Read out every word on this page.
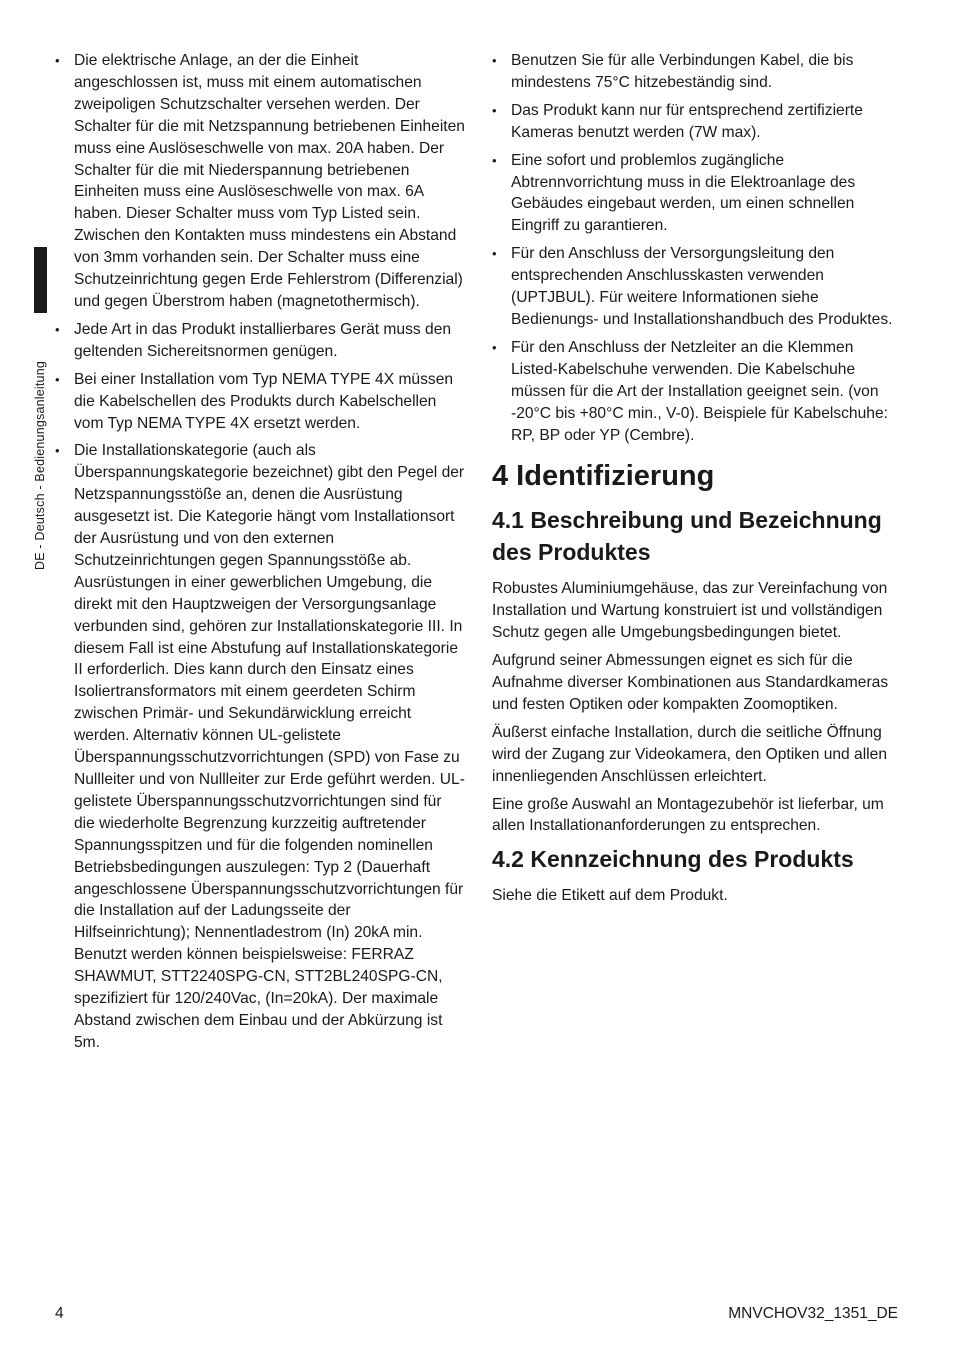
DE - Deutsch - Bedienungsanleitung
• Die elektrische Anlage, an der die Einheit angeschlossen ist, muss mit einem automatischen zweipoligen Schutzschalter versehen werden. Der Schalter für die mit Netzspannung betriebenen Einheiten muss eine Auslöseschwelle von max. 20A haben. Der Schalter für die mit Niederspannung betriebenen Einheiten muss eine Auslöseschwelle von max. 6A haben. Dieser Schalter muss vom Typ Listed sein. Zwischen den Kontakten muss mindestens ein Abstand von 3mm vorhanden sein. Der Schalter muss eine Schutzeinrichtung gegen Erde Fehlerstrom (Differenzial) und gegen Überstrom haben (magnetothermisch).
• Jede Art in das Produkt installierbares Gerät muss den geltenden Sichereitsnormen genügen.
• Bei einer Installation vom Typ NEMA TYPE 4X müssen die Kabelschellen des Produkts durch Kabelschellen vom Typ NEMA TYPE 4X ersetzt werden.
• Die Installationskategorie (auch als Überspannungskategorie bezeichnet) gibt den Pegel der Netzspannungsstöße an, denen die Ausrüstung ausgesetzt ist. Die Kategorie hängt vom Installationsort der Ausrüstung und von den externen Schutzeinrichtungen gegen Spannungsstöße ab. Ausrüstungen in einer gewerblichen Umgebung, die direkt mit den Hauptzweigen der Versorgungsanlage verbunden sind, gehören zur Installationskategorie III. In diesem Fall ist eine Abstufung auf Installationskategorie II erforderlich. Dies kann durch den Einsatz eines Isoliertransformators mit einem geerdeten Schirm zwischen Primär- und Sekundärwicklung erreicht werden. Alternativ können UL-gelistete Überspannungsschutzvorrichtungen (SPD) von Fase zu Nullleiter und von Nullleiter zur Erde geführt werden. UL-gelistete Überspannungsschutzvorrichtungen sind für die wiederholte Begrenzung kurzzeitig auftretender Spannungsspitzen und für die folgenden nominellen Betriebsbedingungen auszulegen: Typ 2 (Dauerhaft angeschlossene Überspannungsschutzvorrichtungen für die Installation auf der Ladungsseite der Hilfseinrichtung); Nennentladestrom (In) 20kA min. Benutzt werden können beispielsweise: FERRAZ SHAWMUT, STT2240SPG-CN, STT2BL240SPG-CN, spezifiziert für 120/240Vac, (In=20kA). Der maximale Abstand zwischen dem Einbau und der Abkürzung ist 5m.
• Benutzen Sie für alle Verbindungen Kabel, die bis mindestens 75°C hitzebeständig sind.
• Das Produkt kann nur für entsprechend zertifizierte Kameras benutzt werden (7W max).
• Eine sofort und problemlos zugängliche Abtrennvorrichtung muss in die Elektroanlage des Gebäudes eingebaut werden, um einen schnellen Eingriff zu garantieren.
• Für den Anschluss der Versorgungsleitung den entsprechenden Anschlusskasten verwenden (UPTJBUL). Für weitere Informationen siehe Bedienungs- und Installationshandbuch des Produktes.
• Für den Anschluss der Netzleiter an die Klemmen Listed-Kabelschuhe verwenden. Die Kabelschuhe müssen für die Art der Installation geeignet sein. (von -20°C bis +80°C min., V-0). Beispiele für Kabelschuhe: RP, BP oder YP (Cembre).
4 Identifizierung
4.1 Beschreibung und Bezeichnung des Produktes

Robustes Aluminiumgehäuse, das zur Vereinfachung von Installation und Wartung konstruiert ist und vollständigen Schutz gegen alle Umgebungsbedingungen bietet.

Aufgrund seiner Abmessungen eignet es sich für die Aufnahme diverser Kombinationen aus Standardkameras und festen Optiken oder kompakten Zoomoptiken.

Äußerst einfache Installation, durch die seitliche Öffnung wird der Zugang zur Videokamera, den Optiken und allen innenliegenden Anschlüssen erleichtert.

Eine große Auswahl an Montagezubehör ist lieferbar, um allen Installationanforderungen zu entsprechen.

4.2 Kennzeichnung des Produkts

Siehe die Etikett auf dem Produkt.

4	MNVCHOV32_1351_DE
